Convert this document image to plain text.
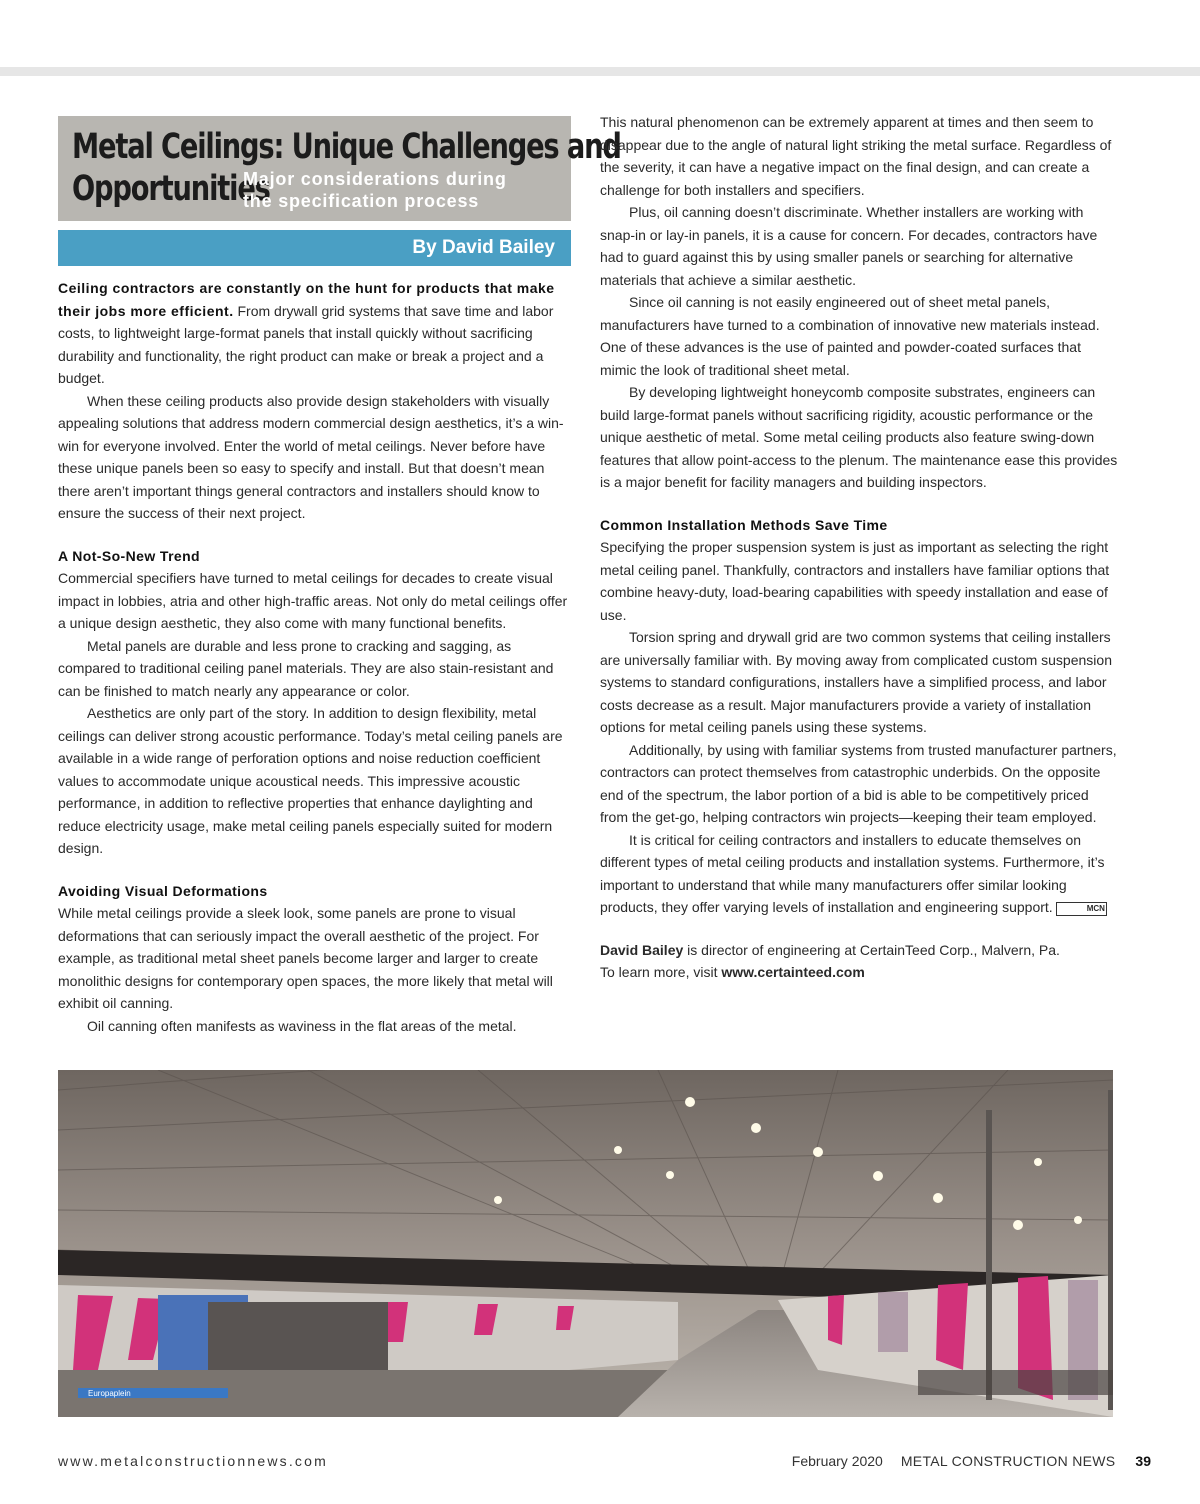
Metal Ceilings: Unique Challenges and
Opportunities
Major considerations during
the specification process
By David Bailey

Ceiling contractors are constantly on the hunt for products that make their jobs more efficient. From drywall grid systems that save time and labor costs, to lightweight large-format panels that install quickly without sacrificing durability and functionality, the right product can make or break a project and a budget.

When these ceiling products also provide design stakeholders with visually appealing solutions that address modern commercial design aesthetics, it’s a win-win for everyone involved. Enter the world of metal ceilings. Never before have these unique panels been so easy to specify and install. But that doesn’t mean there aren’t important things general contractors and installers should know to ensure the success of their next project.

A Not-So-New Trend

Commercial specifiers have turned to metal ceilings for decades to create visual impact in lobbies, atria and other high-traffic areas. Not only do metal ceilings offer a unique design aesthetic, they also come with many functional benefits.

Metal panels are durable and less prone to cracking and sagging, as compared to traditional ceiling panel materials. They are also stain-resistant and can be finished to match nearly any appearance or color.

Aesthetics are only part of the story. In addition to design flexibility, metal ceilings can deliver strong acoustic performance. Today’s metal ceiling panels are available in a wide range of perforation options and noise reduction coefficient values to accommodate unique acoustical needs. This impressive acoustic performance, in addition to reflective properties that enhance daylighting and reduce electricity usage, make metal ceiling panels especially suited for modern design.

Avoiding Visual Deformations

While metal ceilings provide a sleek look, some panels are prone to visual deformations that can seriously impact the overall aesthetic of the project. For example, as traditional metal sheet panels become larger and larger to create monolithic designs for contemporary open spaces, the more likely that metal will exhibit oil canning.

Oil canning often manifests as waviness in the flat areas of the metal.

This natural phenomenon can be extremely apparent at times and then seem to disappear due to the angle of natural light striking the metal surface. Regardless of the severity, it can have a negative impact on the final design, and can create a challenge for both installers and specifiers.

Plus, oil canning doesn’t discriminate. Whether installers are working with snap-in or lay-in panels, it is a cause for concern. For decades, contractors have had to guard against this by using smaller panels or searching for alternative materials that achieve a similar aesthetic.

Since oil canning is not easily engineered out of sheet metal panels, manufacturers have turned to a combination of innovative new materials instead. One of these advances is the use of painted and powder-coated surfaces that mimic the look of traditional sheet metal.

By developing lightweight honeycomb composite substrates, engineers can build large-format panels without sacrificing rigidity, acoustic performance or the unique aesthetic of metal. Some metal ceiling products also feature swing-down features that allow point-access to the plenum. The maintenance ease this provides is a major benefit for facility managers and building inspectors.

Common Installation Methods Save Time

Specifying the proper suspension system is just as important as selecting the right metal ceiling panel. Thankfully, contractors and installers have familiar options that combine heavy-duty, load-bearing capabilities with speedy installation and ease of use.

Torsion spring and drywall grid are two common systems that ceiling installers are universally familiar with. By moving away from complicated custom suspension systems to standard configurations, installers have a simplified process, and labor costs decrease as a result. Major manufacturers provide a variety of installation options for metal ceiling panels using these systems.

Additionally, by using with familiar systems from trusted manufacturer partners, contractors can protect themselves from catastrophic underbids. On the opposite end of the spectrum, the labor portion of a bid is able to be competitively priced from the get-go, helping contractors win projects—keeping their team employed.

It is critical for ceiling contractors and installers to educate themselves on different types of metal ceiling products and installation systems. Furthermore, it’s important to understand that while many manufacturers offer similar looking products, they offer varying levels of installation and engineering support.	MCN

David Bailey is director of engineering at CertainTeed Corp., Malvern, Pa.

To learn more, visit www.certainteed.com

Europaplein
www.metalconstructionnews.com	February 2020 METAL CONSTRUCTION NEWS 39
